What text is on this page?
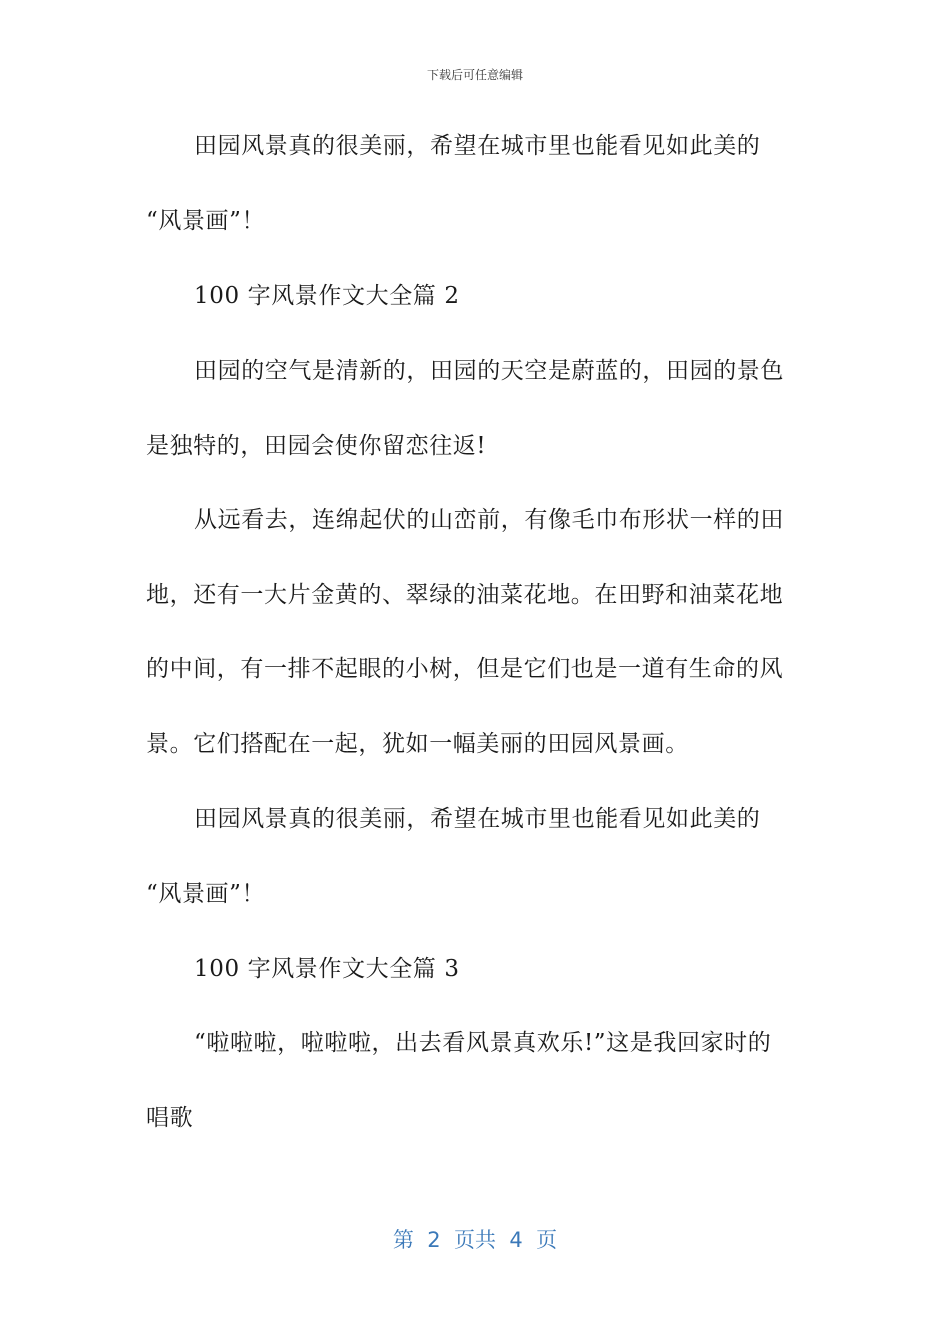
下载后可任意编辑
田园风景真的很美丽，希望在城市里也能看见如此美的
“风景画”！
100 字风景作文大全篇 2
田园的空气是清新的，田园的天空是蔚蓝的，田园的景色
是独特的，田园会使你留恋往返!
从远看去，连绵起伏的山峦前，有像毛巾布形状一样的田
地，还有一大片金黄的、翠绿的油菜花地。在田野和油菜花地
的中间，有一排不起眼的小树，但是它们也是一道有生命的风
景。它们搭配在一起，犹如一幅美丽的田园风景画。
田园风景真的很美丽，希望在城市里也能看见如此美的
“风景画”！
100 字风景作文大全篇 3
“啦啦啦，啦啦啦，出去看风景真欢乐!”这是我回家时的
唱歌
第 2 页共 4 页
